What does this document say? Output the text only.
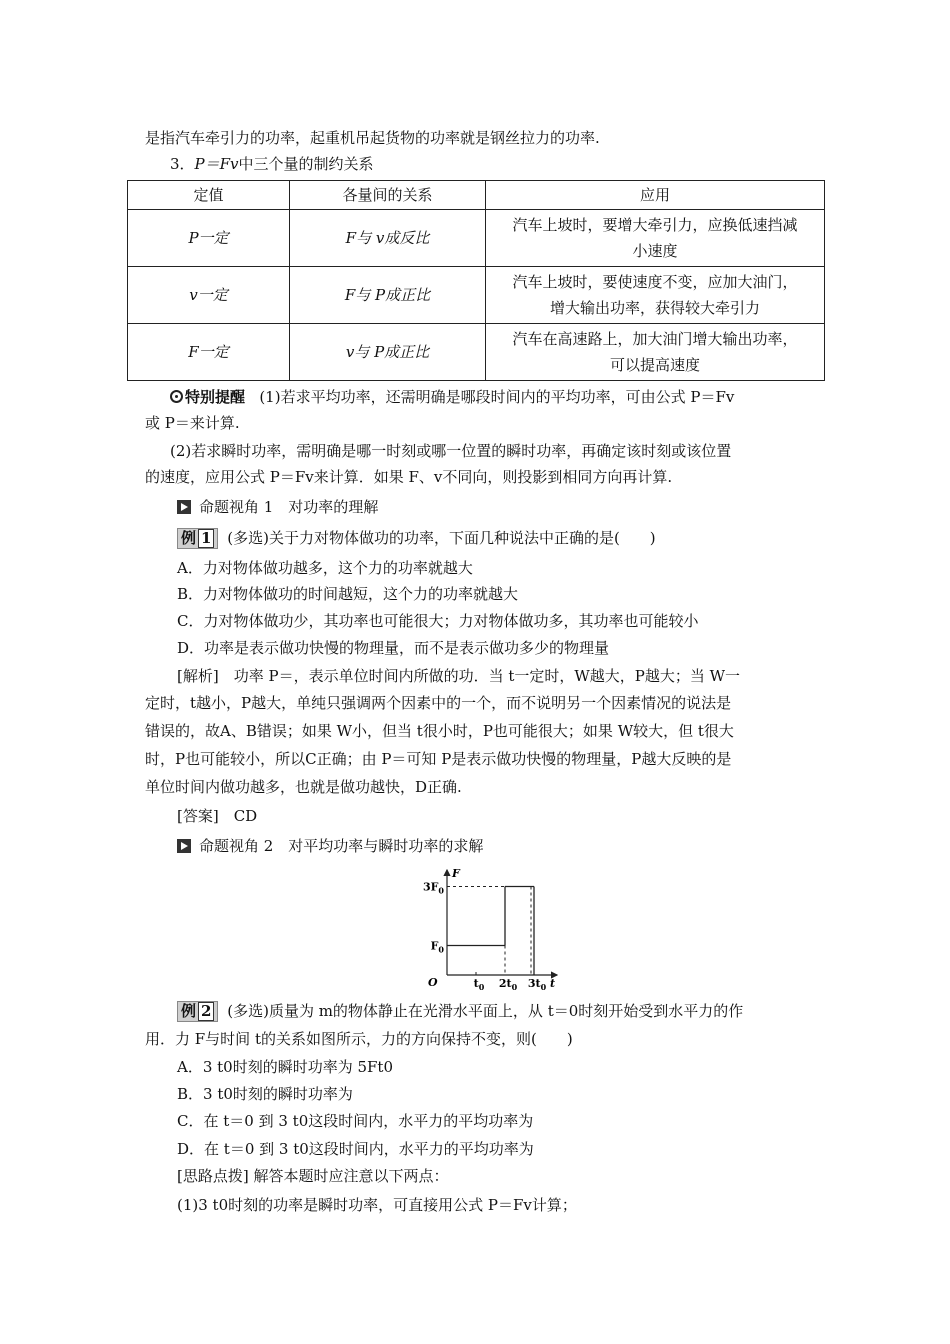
是指汽车牵引力的功率，起重机吊起货物的功率就是钢丝拉力的功率.
3．P＝Fv中三个量的制约关系
定值	各量间的关系	应用
P一定	F与 v成反比	汽车上坡时，要增大牵引力，应换低速挡减
小速度

v一定	F与 P成正比	汽车上坡时，要使速度不变，应加大油门，
增大输出功率，获得较大牵引力

F一定	v与 P成正比	汽车在高速路上，加大油门增大输出功率，
可以提高速度
特别提醒 (1)若求平均功率，还需明确是哪段时间内的平均功率，可由公式 P＝Fv
或 P＝来计算.
(2)若求瞬时功率，需明确是哪一时刻或哪一位置的瞬时功率，再确定该时刻或该位置
的速度，应用公式 P＝Fv来计算．如果 F、v不同向，则投影到相同方向再计算.
命题视角 1　对功率的理解
例 1 (多选)关于力对物体做功的功率，下面几种说法中正确的是(　　)
A．力对物体做功越多，这个力的功率就越大
B．力对物体做功的时间越短，这个力的功率就越大
C．力对物体做功少，其功率也可能很大；力对物体做功多，其功率也可能较小
D．功率是表示做功快慢的物理量，而不是表示做功多少的物理量
[解析]　功率 P＝，表示单位时间内所做的功．当 t一定时，W越大，P越大；当 W一
定时，t越小，P越大，单纯只强调两个因素中的一个，而不说明另一个因素情况的说法是
错误的，故A、B错误；如果 W小，但当 t很小时，P也可能很大；如果 W较大，但 t很大
时，P也可能较小，所以C正确；由 P＝可知 P是表示做功快慢的物理量，P越大反映的是
单位时间内做功越多，也就是做功越快，D正确.
[答案]　CD
命题视角 2　对平均功率与瞬时功率的求解
F
t
O
$3F_0$
$F_0$
$t_0$ $2t_0$ $3t_0$
例 2 (多选)质量为 m的物体静止在光滑水平面上，从 t＝0时刻开始受到水平力的作
用．力 F与时间 t的关系如图所示，力的方向保持不变，则(　　)
A．3 t0时刻的瞬时功率为 5Ft0
B．3 t0时刻的瞬时功率为
C．在 t＝0 到 3 t0这段时间内，水平力的平均功率为
D．在 t＝0 到 3 t0这段时间内，水平力的平均功率为
[思路点拨] 解答本题时应注意以下两点：
(1)3 t0时刻的功率是瞬时功率，可直接用公式 P＝Fv计算；
